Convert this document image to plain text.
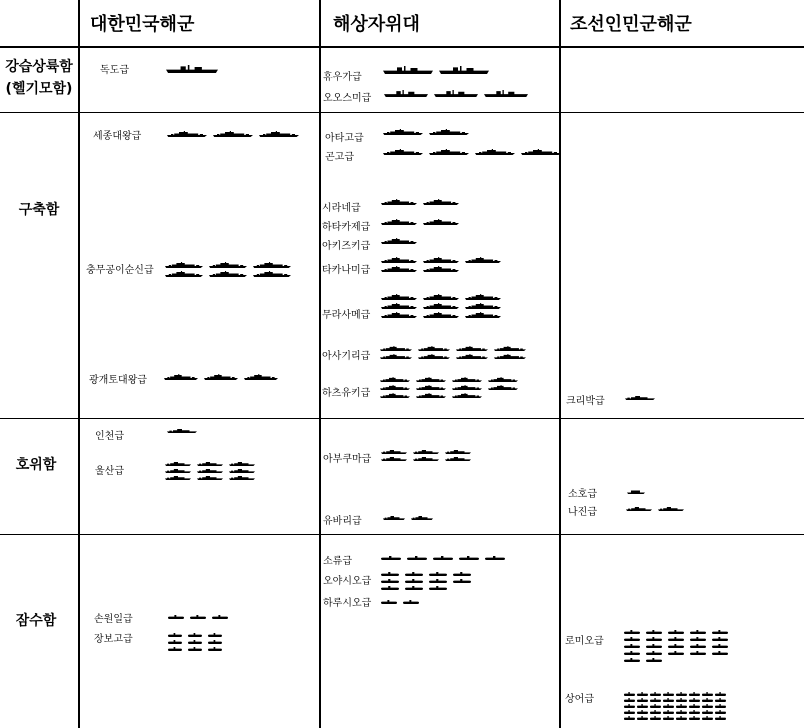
대한민국해군	해상자위대	조선인민군해군
강습상륙함
(헬기모함)
구축함
호위함
잠수함
독도급
세종대왕급
충무공이순신급
광개토대왕급
인천급
울산급
손원일급
장보고급
휴우가급
오오스미급
아타고급
곤고급
시라네급
하타카제급
아키즈키급
타카나미급
무라사메급
아사기리급
하츠유키급
아부쿠마급
유바리급
소류급
오야시오급
하루시오급
크리박급
소호급
나진급
로미오급
상어급
